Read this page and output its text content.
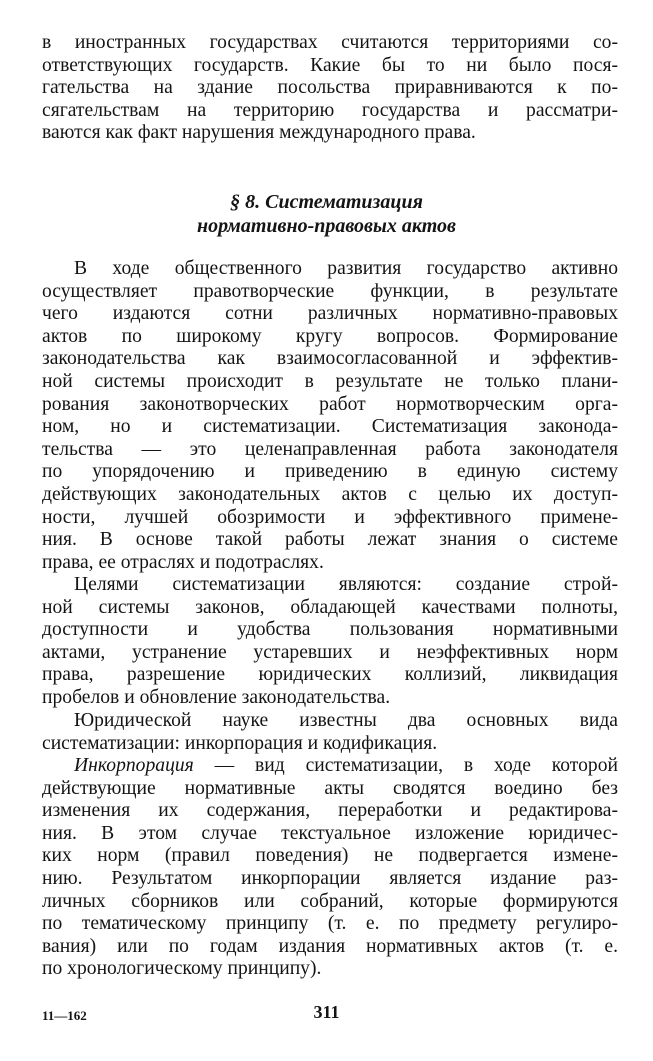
в иностранных государствах считаются территориями со-
ответствующих государств. Какие бы то ни было пося-
гательства на здание посольства приравниваются к по-
сягательствам на территорию государства и рассматри-
ваются как факт нарушения международного права.
§ 8. Систематизация
нормативно-правовых актов
В ходе общественного развития государство активно
осуществляет правотворческие функции, в результате
чего издаются сотни различных нормативно-правовых
актов по широкому кругу вопросов. Формирование
законодательства как взаимосогласованной и эффектив-
ной системы происходит в результате не только плани-
рования законотворческих работ нормотворческим орга-
ном, но и систематизации. Систематизация законода-
тельства — это целенаправленная работа законодателя
по упорядочению и приведению в единую систему
действующих законодательных актов с целью их доступ-
ности, лучшей обозримости и эффективного примене-
ния. В основе такой работы лежат знания о системе
права, ее отраслях и подотраслях.
Целями систематизации являются: создание строй-
ной системы законов, обладающей качествами полноты,
доступности и удобства пользования нормативными
актами, устранение устаревших и неэффективных норм
права, разрешение юридических коллизий, ликвидация
пробелов и обновление законодательства.
Юридической науке известны два основных вида
систематизации: инкорпорация и кодификация.
Инкорпорация — вид систематизации, в ходе которой
действующие нормативные акты сводятся воедино без
изменения их содержания, переработки и редактирова-
ния. В этом случае текстуальное изложение юридичес-
ких норм (правил поведения) не подвергается измене-
нию. Результатом инкорпорации является издание раз-
личных сборников или собраний, которые формируются
по тематическому принципу (т. е. по предмету регулиро-
вания) или по годам издания нормативных актов (т. е.
по хронологическому принципу).
11—162	311
